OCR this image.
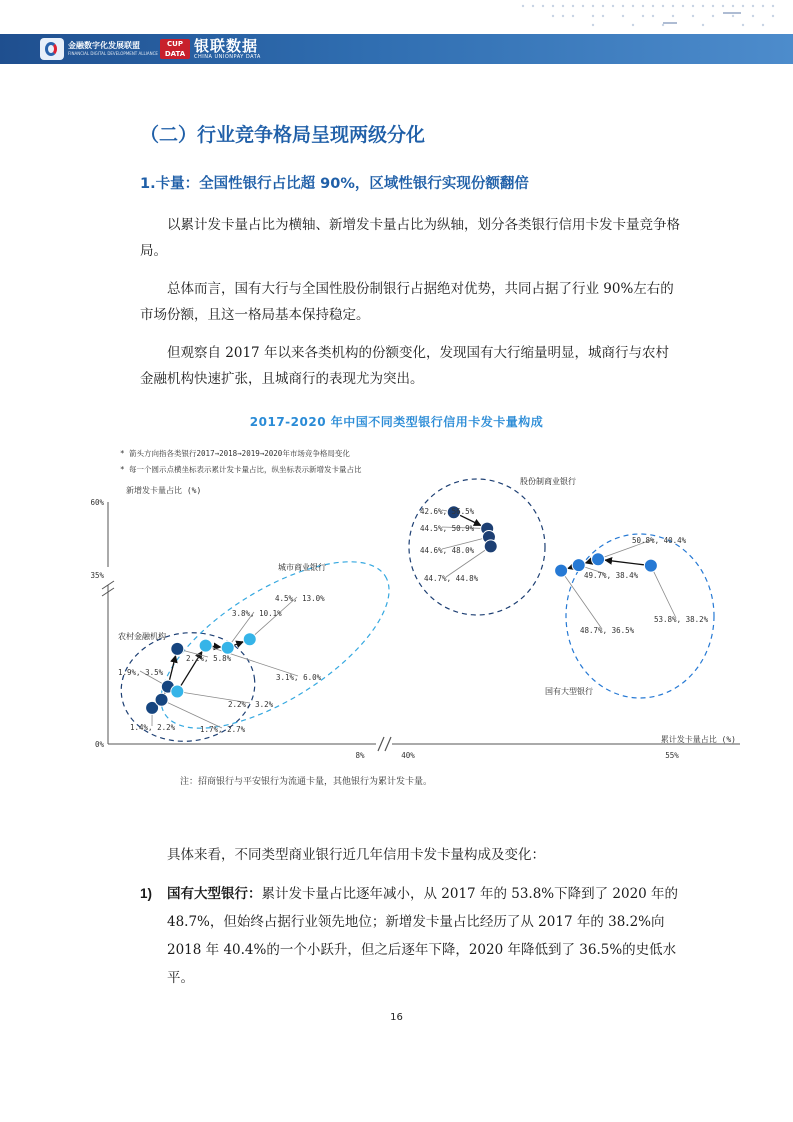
金融数字化发展联盟
FINANCIAL DIGITAL DEVELOPMENT ALLIANCE
CUP DATA 银联数据
CHINA UNIONPAY DATA
（二）行业竞争格局呈现两级分化
1.卡量：全国性银行占比超 90%，区域性银行实现份额翻倍

以累计发卡量占比为横轴、新增发卡量占比为纵轴，划分各类银行信用卡发卡量竞争格局。

总体而言，国有大行与全国性股份制银行占据绝对优势，共同占据了行业 90%左右的市场份额，且这一格局基本保持稳定。

但观察自 2017 年以来各类机构的份额变化，发现国有大行缩量明显，城商行与农村金融机构快速扩张，且城商行的表现尤为突出。

2017-2020 年中国不同类型银行信用卡发卡量构成
* 箭头方向指各类银行2017→2018→2019→2020年市场竞争格局变化
* 每一个圆示点横坐标表示累计发卡量占比，纵坐标表示新增发卡量占比
新增发卡量占比 (%)
累计发卡量占比 (%)
0%
35%
60%
8%	40%	55%
农村金融机构
城市商业银行
股份制商业银行
国有大型银行
1.4%, 2.2%	1.7%, 2.7%
1.9%, 3.5%
2.2%, 5.8%
2.2%, 3.2%
3.1%, 6.0%
3.8%, 10.1%
4.5%, 13.0%
42.6%, 56.5%
44.5%, 50.9%
44.6%, 48.0%
44.7%, 44.8%
53.8%, 38.2%
50.8%, 40.4%
49.7%, 38.4%
48.7%, 36.5%
注：招商银行与平安银行为流通卡量，其他银行为累计发卡量。

具体来看，不同类型商业银行近几年信用卡发卡量构成及变化：

1) 国有大型银行：累计发卡量占比逐年减小，从 2017 年的 53.8%下降到了 2020 年的 48.7%，但始终占据行业领先地位；新增发卡量占比经历了从 2017 年的 38.2%向 2018 年 40.4%的一个小跃升，但之后逐年下降，2020 年降低到了 36.5%的史低水平。
16
